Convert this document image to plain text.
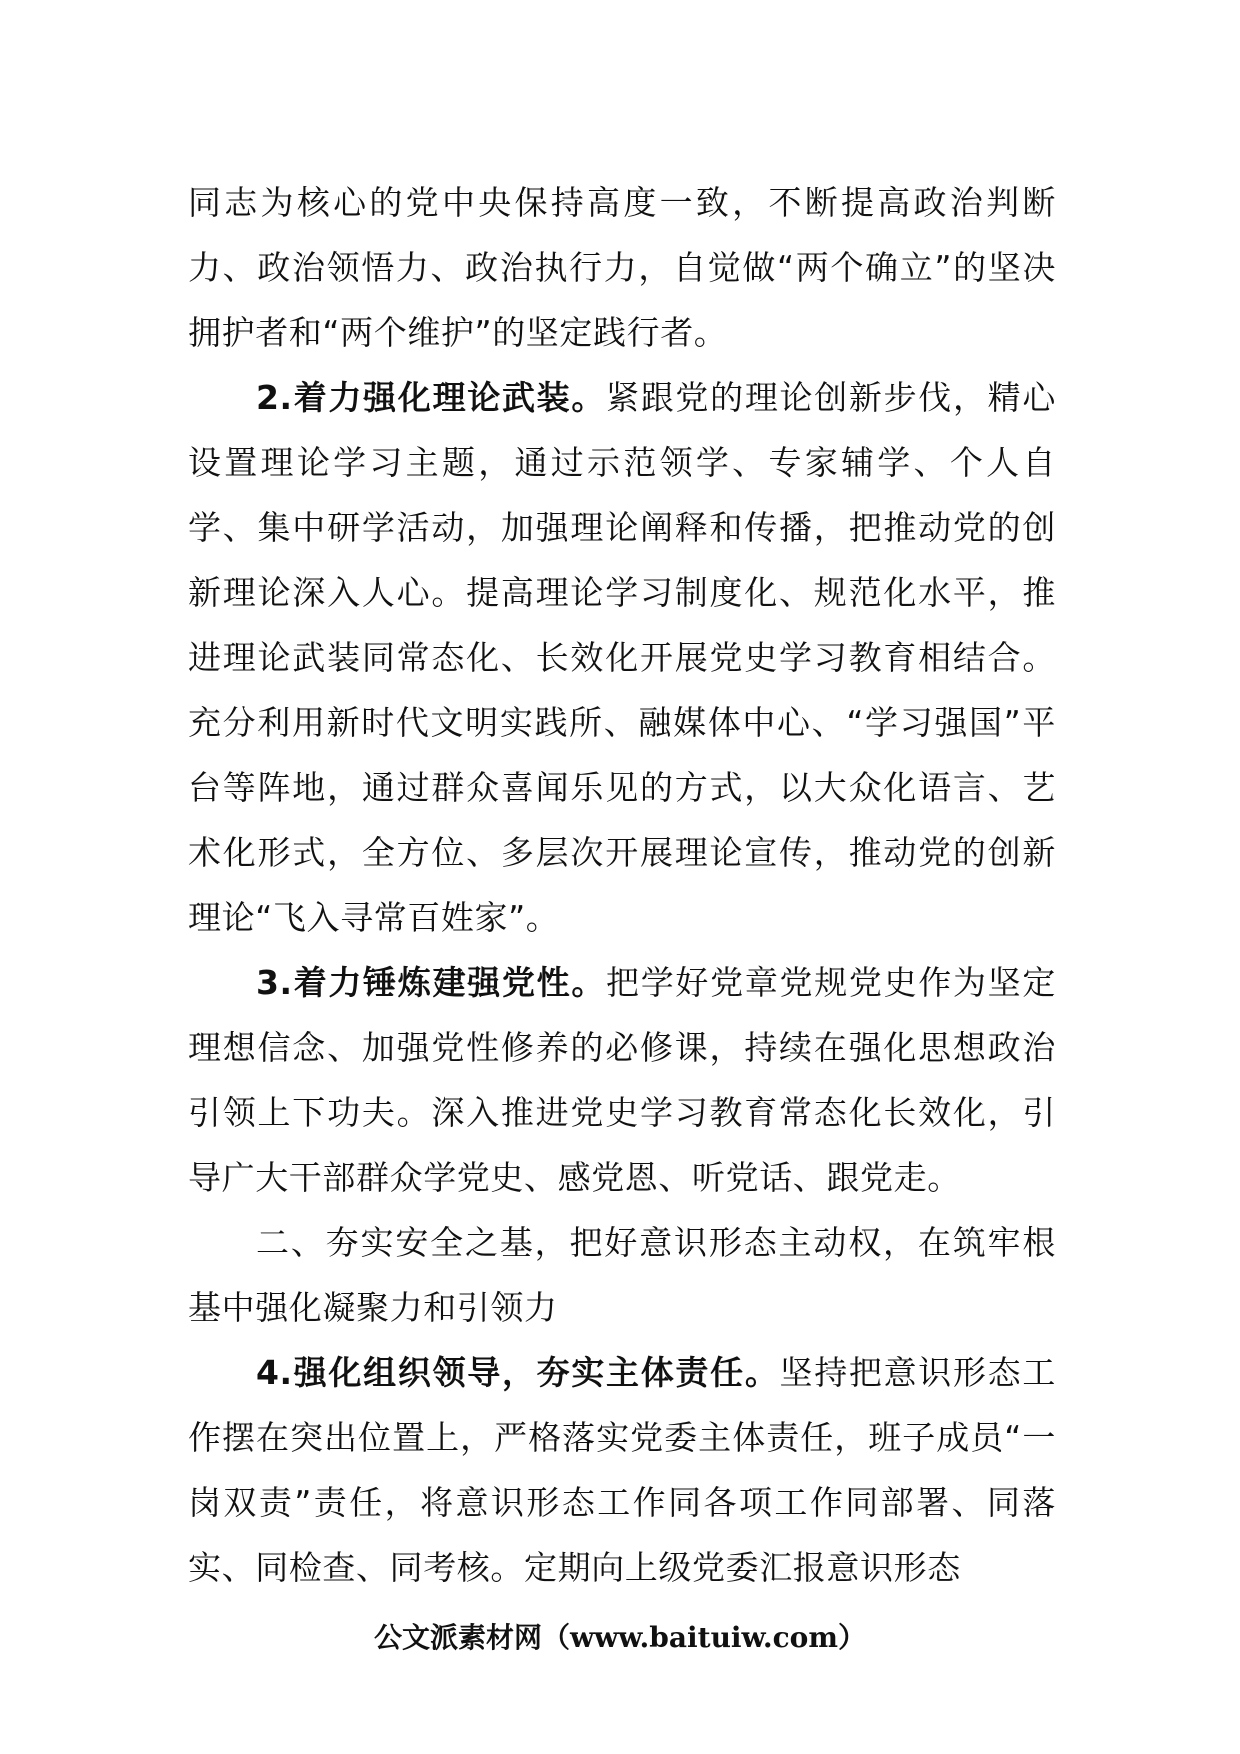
同志为核心的党中央保持高度一致，不断提高政治判断力、政治领悟力、政治执行力，自觉做“两个确立”的坚决拥护者和“两个维护”的坚定践行者。

2.着力强化理论武装。紧跟党的理论创新步伐，精心设置理论学习主题，通过示范领学、专家辅学、个人自学、集中研学活动，加强理论阐释和传播，把推动党的创新理论深入人心。提高理论学习制度化、规范化水平，推进理论武装同常态化、长效化开展党史学习教育相结合。充分利用新时代文明实践所、融媒体中心、“学习强国”平台等阵地，通过群众喜闻乐见的方式，以大众化语言、艺术化形式，全方位、多层次开展理论宣传，推动党的创新理论“飞入寻常百姓家”。

3.着力锤炼建强党性。把学好党章党规党史作为坚定理想信念、加强党性修养的必修课，持续在强化思想政治引领上下功夫。深入推进党史学习教育常态化长效化，引导广大干部群众学党史、感党恩、听党话、跟党走。

二、夯实安全之基，把好意识形态主动权，在筑牢根基中强化凝聚力和引领力

4.强化组织领导，夯实主体责任。坚持把意识形态工作摆在突出位置上，严格落实党委主体责任，班子成员“一岗双责”责任，将意识形态工作同各项工作同部署、同落实、同检查、同考核。定期向上级党委汇报意识形态

公文派素材网（www.baituiw.com）
